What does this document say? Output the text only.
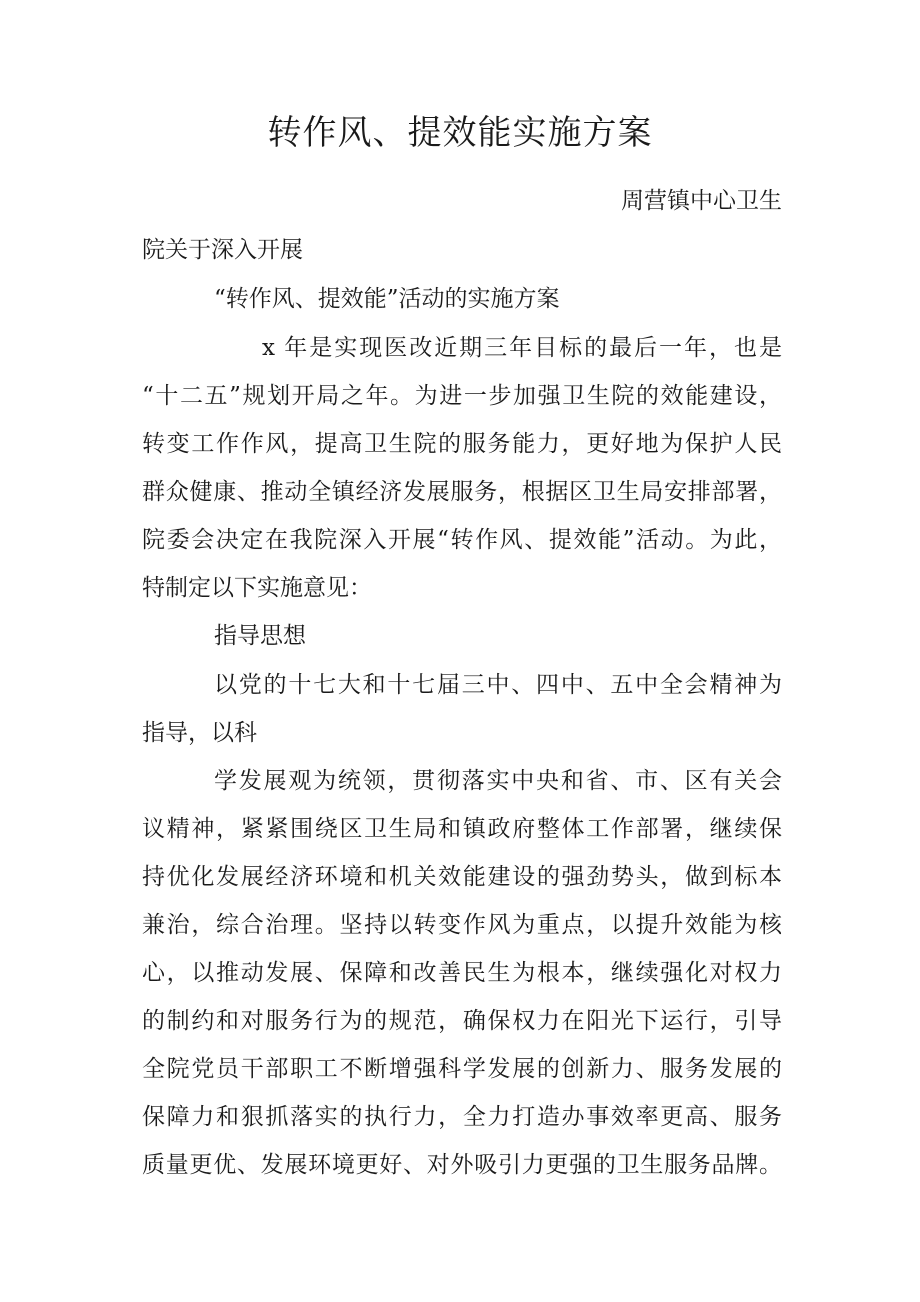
转作风、提效能实施方案
周营镇中心卫生
院关于深入开展
“转作风、提效能”活动的实施方案
x 年是实现医改近期三年目标的最后一年，也是
“十二五”规划开局之年。为进一步加强卫生院的效能建设，
转变工作作风，提高卫生院的服务能力，更好地为保护人民
群众健康、推动全镇经济发展服务，根据区卫生局安排部署，
院委会决定在我院深入开展“转作风、提效能”活动。为此，
特制定以下实施意见：
指导思想
以党的十七大和十七届三中、四中、五中全会精神为
指导，以科
学发展观为统领，贯彻落实中央和省、市、区有关会
议精神，紧紧围绕区卫生局和镇政府整体工作部署，继续保
持优化发展经济环境和机关效能建设的强劲势头，做到标本
兼治，综合治理。坚持以转变作风为重点，以提升效能为核
心，以推动发展、保障和改善民生为根本，继续强化对权力
的制约和对服务行为的规范，确保权力在阳光下运行，引导
全院党员干部职工不断增强科学发展的创新力、服务发展的
保障力和狠抓落实的执行力，全力打造办事效率更高、服务
质量更优、发展环境更好、对外吸引力更强的卫生服务品牌。
